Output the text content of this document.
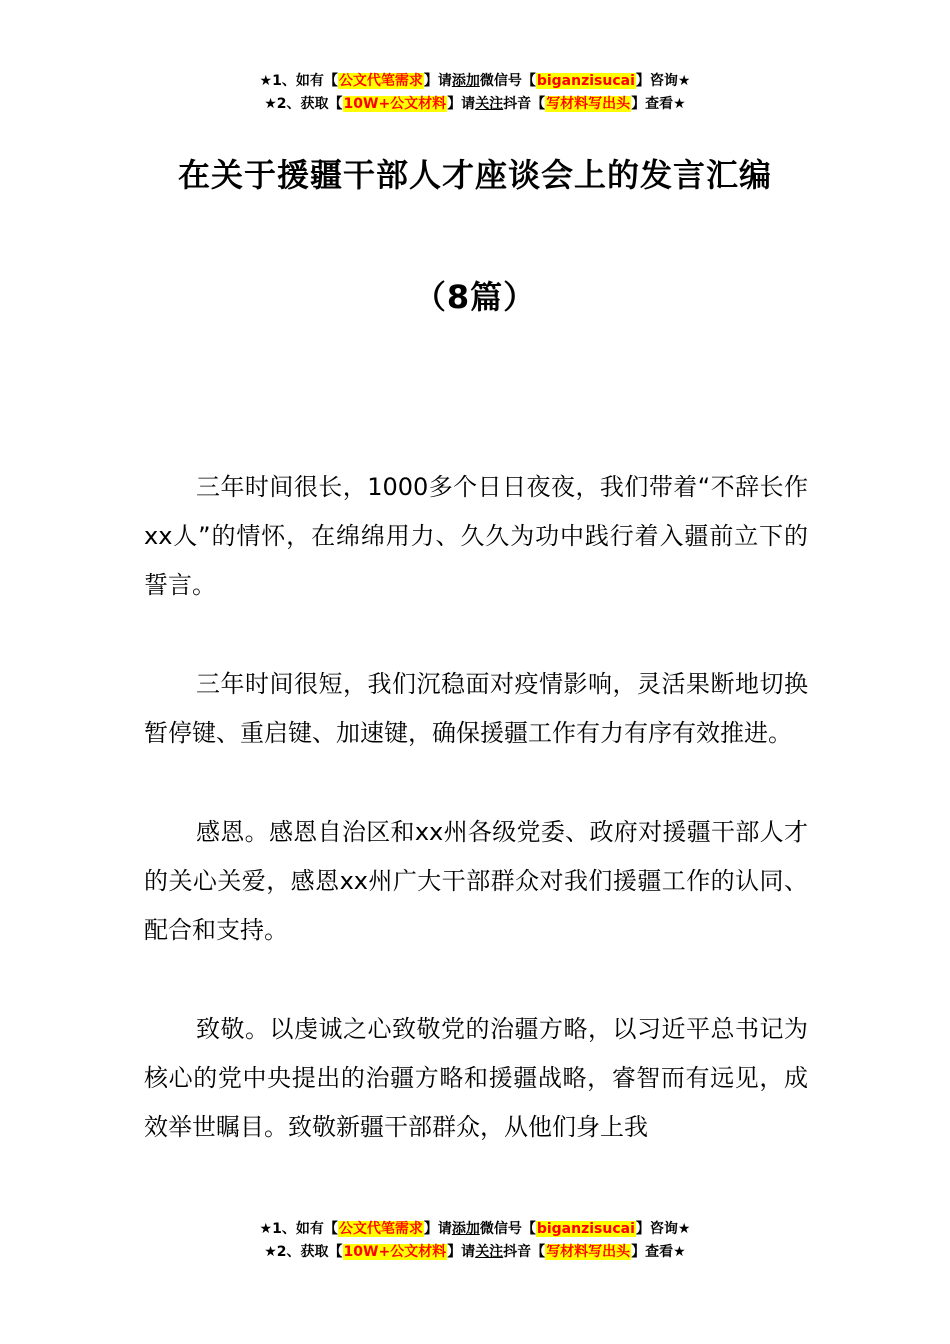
★1、如有【公文代笔需求】请添加微信号【biganzisucai】咨询★
★2、获取【10W+公文材料】请关注抖音【写材料写出头】查看★
在关于援疆干部人才座谈会上的发言汇编
（8篇）

三年时间很长，1000多个日日夜夜，我们带着“不辞长作xx人”的情怀，在绵绵用力、久久为功中践行着入疆前立下的誓言。

三年时间很短，我们沉稳面对疫情影响，灵活果断地切换暂停键、重启键、加速键，确保援疆工作有力有序有效推进。

感恩。感恩自治区和xx州各级党委、政府对援疆干部人才的关心关爱，感恩xx州广大干部群众对我们援疆工作的认同、配合和支持。

致敬。以虔诚之心致敬党的治疆方略，以习近平总书记为核心的党中央提出的治疆方略和援疆战略，睿智而有远见，成效举世瞩目。致敬新疆干部群众，从他们身上我

★1、如有【公文代笔需求】请添加微信号【biganzisucai】咨询★
★2、获取【10W+公文材料】请关注抖音【写材料写出头】查看★
